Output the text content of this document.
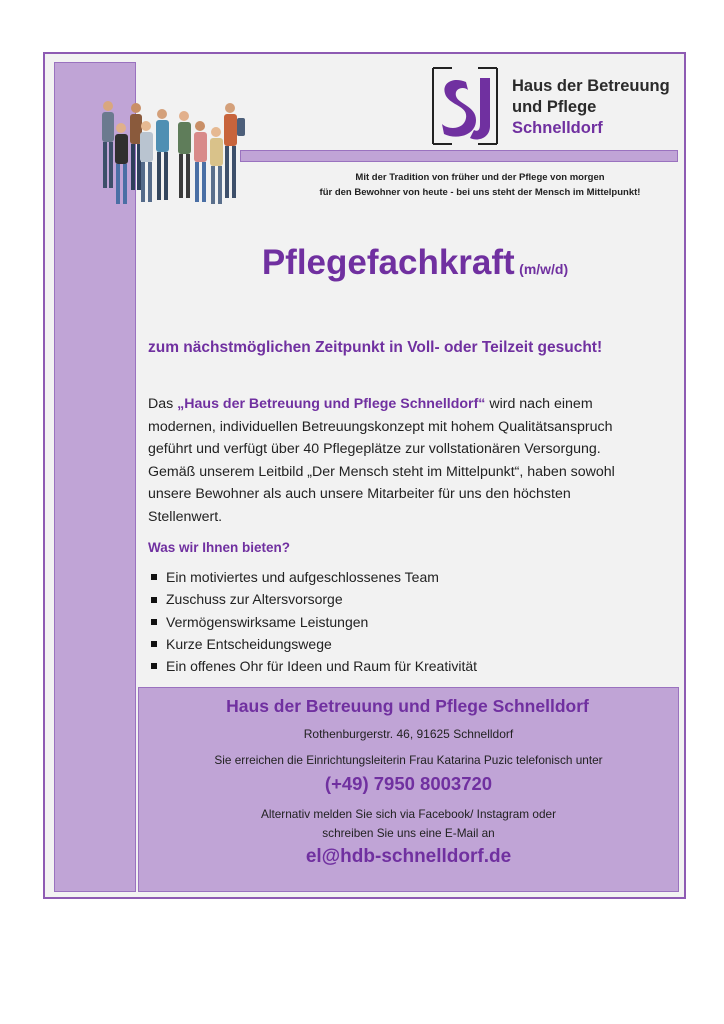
Haus der Betreuung
und Pflege
Schnelldorf
Mit der Tradition von früher und der Pflege von morgen
für den Bewohner von heute - bei uns steht der Mensch im Mittelpunkt!
Pflegefachkraft (m/w/d)
zum nächstmöglichen Zeitpunkt in Voll- oder Teilzeit gesucht!
Das „Haus der Betreuung und Pflege Schnelldorf“ wird nach einem
modernen, individuellen Betreuungskonzept mit hohem Qualitätsanspruch
geführt und verfügt über 40 Pflegeplätze zur vollstationären Versorgung.
Gemäß unserem Leitbild „Der Mensch steht im Mittelpunkt“, haben sowohl
unsere Bewohner als auch unsere Mitarbeiter für uns den höchsten
Stellenwert.
Was wir Ihnen bieten?
Ein motiviertes und aufgeschlossenes Team
Zuschuss zur Altersvorsorge
Vermögenswirksame Leistungen
Kurze Entscheidungswege
Ein offenes Ohr für Ideen und Raum für Kreativität
Haus der Betreuung und Pflege Schnelldorf
Rothenburgerstr. 46, 91625 Schnelldorf
Sie erreichen die Einrichtungsleiterin Frau Katarina Puzic telefonisch unter
(+49) 7950 8003720
Alternativ melden Sie sich via Facebook/ Instagram oder
schreiben Sie uns eine E-Mail an
el@hdb-schnelldorf.de
